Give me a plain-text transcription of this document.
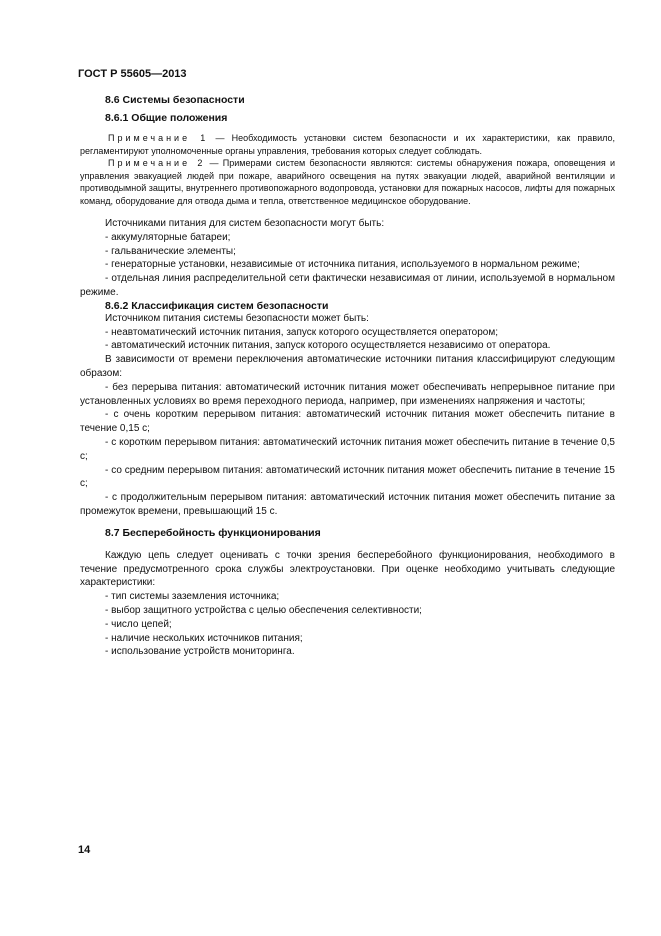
ГОСТ Р 55605—2013

8.6 Системы безопасности

8.6.1 Общие положения

Примечание 1 — Необходимость установки систем безопасности и их характеристики, как правило, регламентируют уполномоченные органы управления, требования которых следует соблюдать.

Примечание 2 — Примерами систем безопасности являются: системы обнаружения пожара, оповещения и управления эвакуацией людей при пожаре, аварийного освещения на путях эвакуации людей, аварийной вентиляции и противодымной защиты, внутреннего противопожарного водопровода, установки для пожарных насосов, лифты для пожарных команд, оборудование для отвода дыма и тепла, ответственное медицинское оборудование.

Источниками питания для систем безопасности могут быть:

- аккумуляторные батареи;

- гальванические элементы;

- генераторные установки, независимые от источника питания, используемого в нормальном режиме;

- отдельная линия распределительной сети фактически независимая от линии, используемой в нормальном режиме.

8.6.2 Классификация систем безопасности

Источником питания системы безопасности может быть:

- неавтоматический источник питания, запуск которого осуществляется оператором;

- автоматический источник питания, запуск которого осуществляется независимо от оператора.

В зависимости от времени переключения автоматические источники питания классифицируют следующим образом:

- без перерыва питания: автоматический источник питания может обеспечивать непрерывное питание при установленных условиях во время переходного периода, например, при изменениях напряжения и частоты;

- с очень коротким перерывом питания: автоматический источник питания может обеспечить питание в течение 0,15 с;

- с коротким перерывом питания: автоматический источник питания может обеспечить питание в течение 0,5 с;

- со средним перерывом питания: автоматический источник питания может обеспечить питание в течение 15 с;

- с продолжительным перерывом питания: автоматический источник питания может обеспечить питание за промежуток времени, превышающий 15 с.

8.7 Бесперебойность функционирования

Каждую цепь следует оценивать с точки зрения бесперебойного функционирования, необходимого в течение предусмотренного срока службы электроустановки. При оценке необходимо учитывать следующие характеристики:

- тип системы заземления источника;

- выбор защитного устройства с целью обеспечения селективности;

- число цепей;

- наличие нескольких источников питания;

- использование устройств мониторинга.

14
